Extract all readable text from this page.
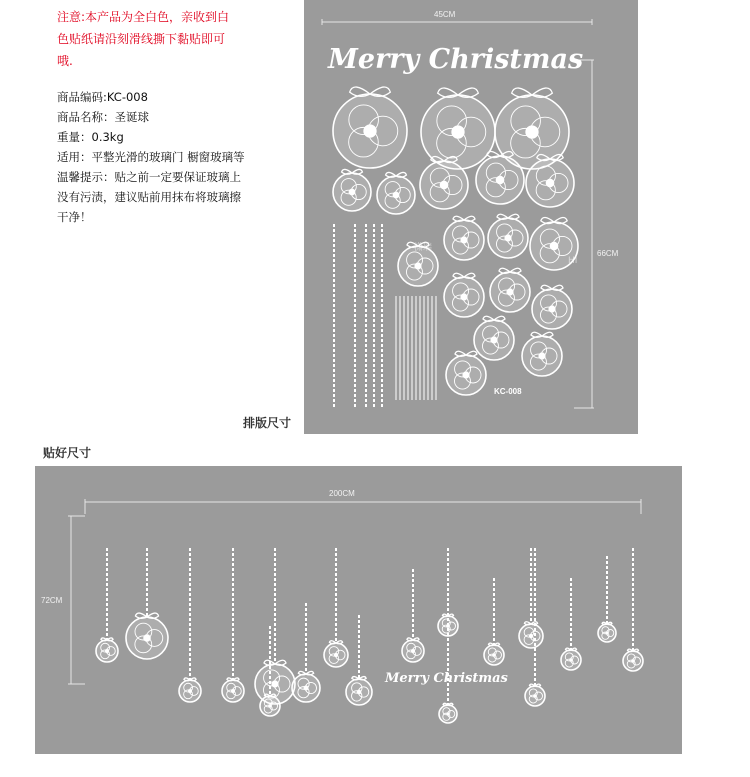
注意:本产品为全白色，亲收到白
色贴纸请沿刻滑线撕下黏贴即可
哦.
商品编码:KC-008
商品名称：圣诞球
重量：0.3kg
适用：平整光滑的玻璃门 橱窗玻璃等
温馨提示：贴之前一定要保证玻璃上
没有污渍，建议贴前用抹布将玻璃擦
干净！
45CM
66CM
Merry Christmas
潇瑞
HI
KC-008
排版尺寸
贴好尺寸
200CM
72CM
Merry Christmas
